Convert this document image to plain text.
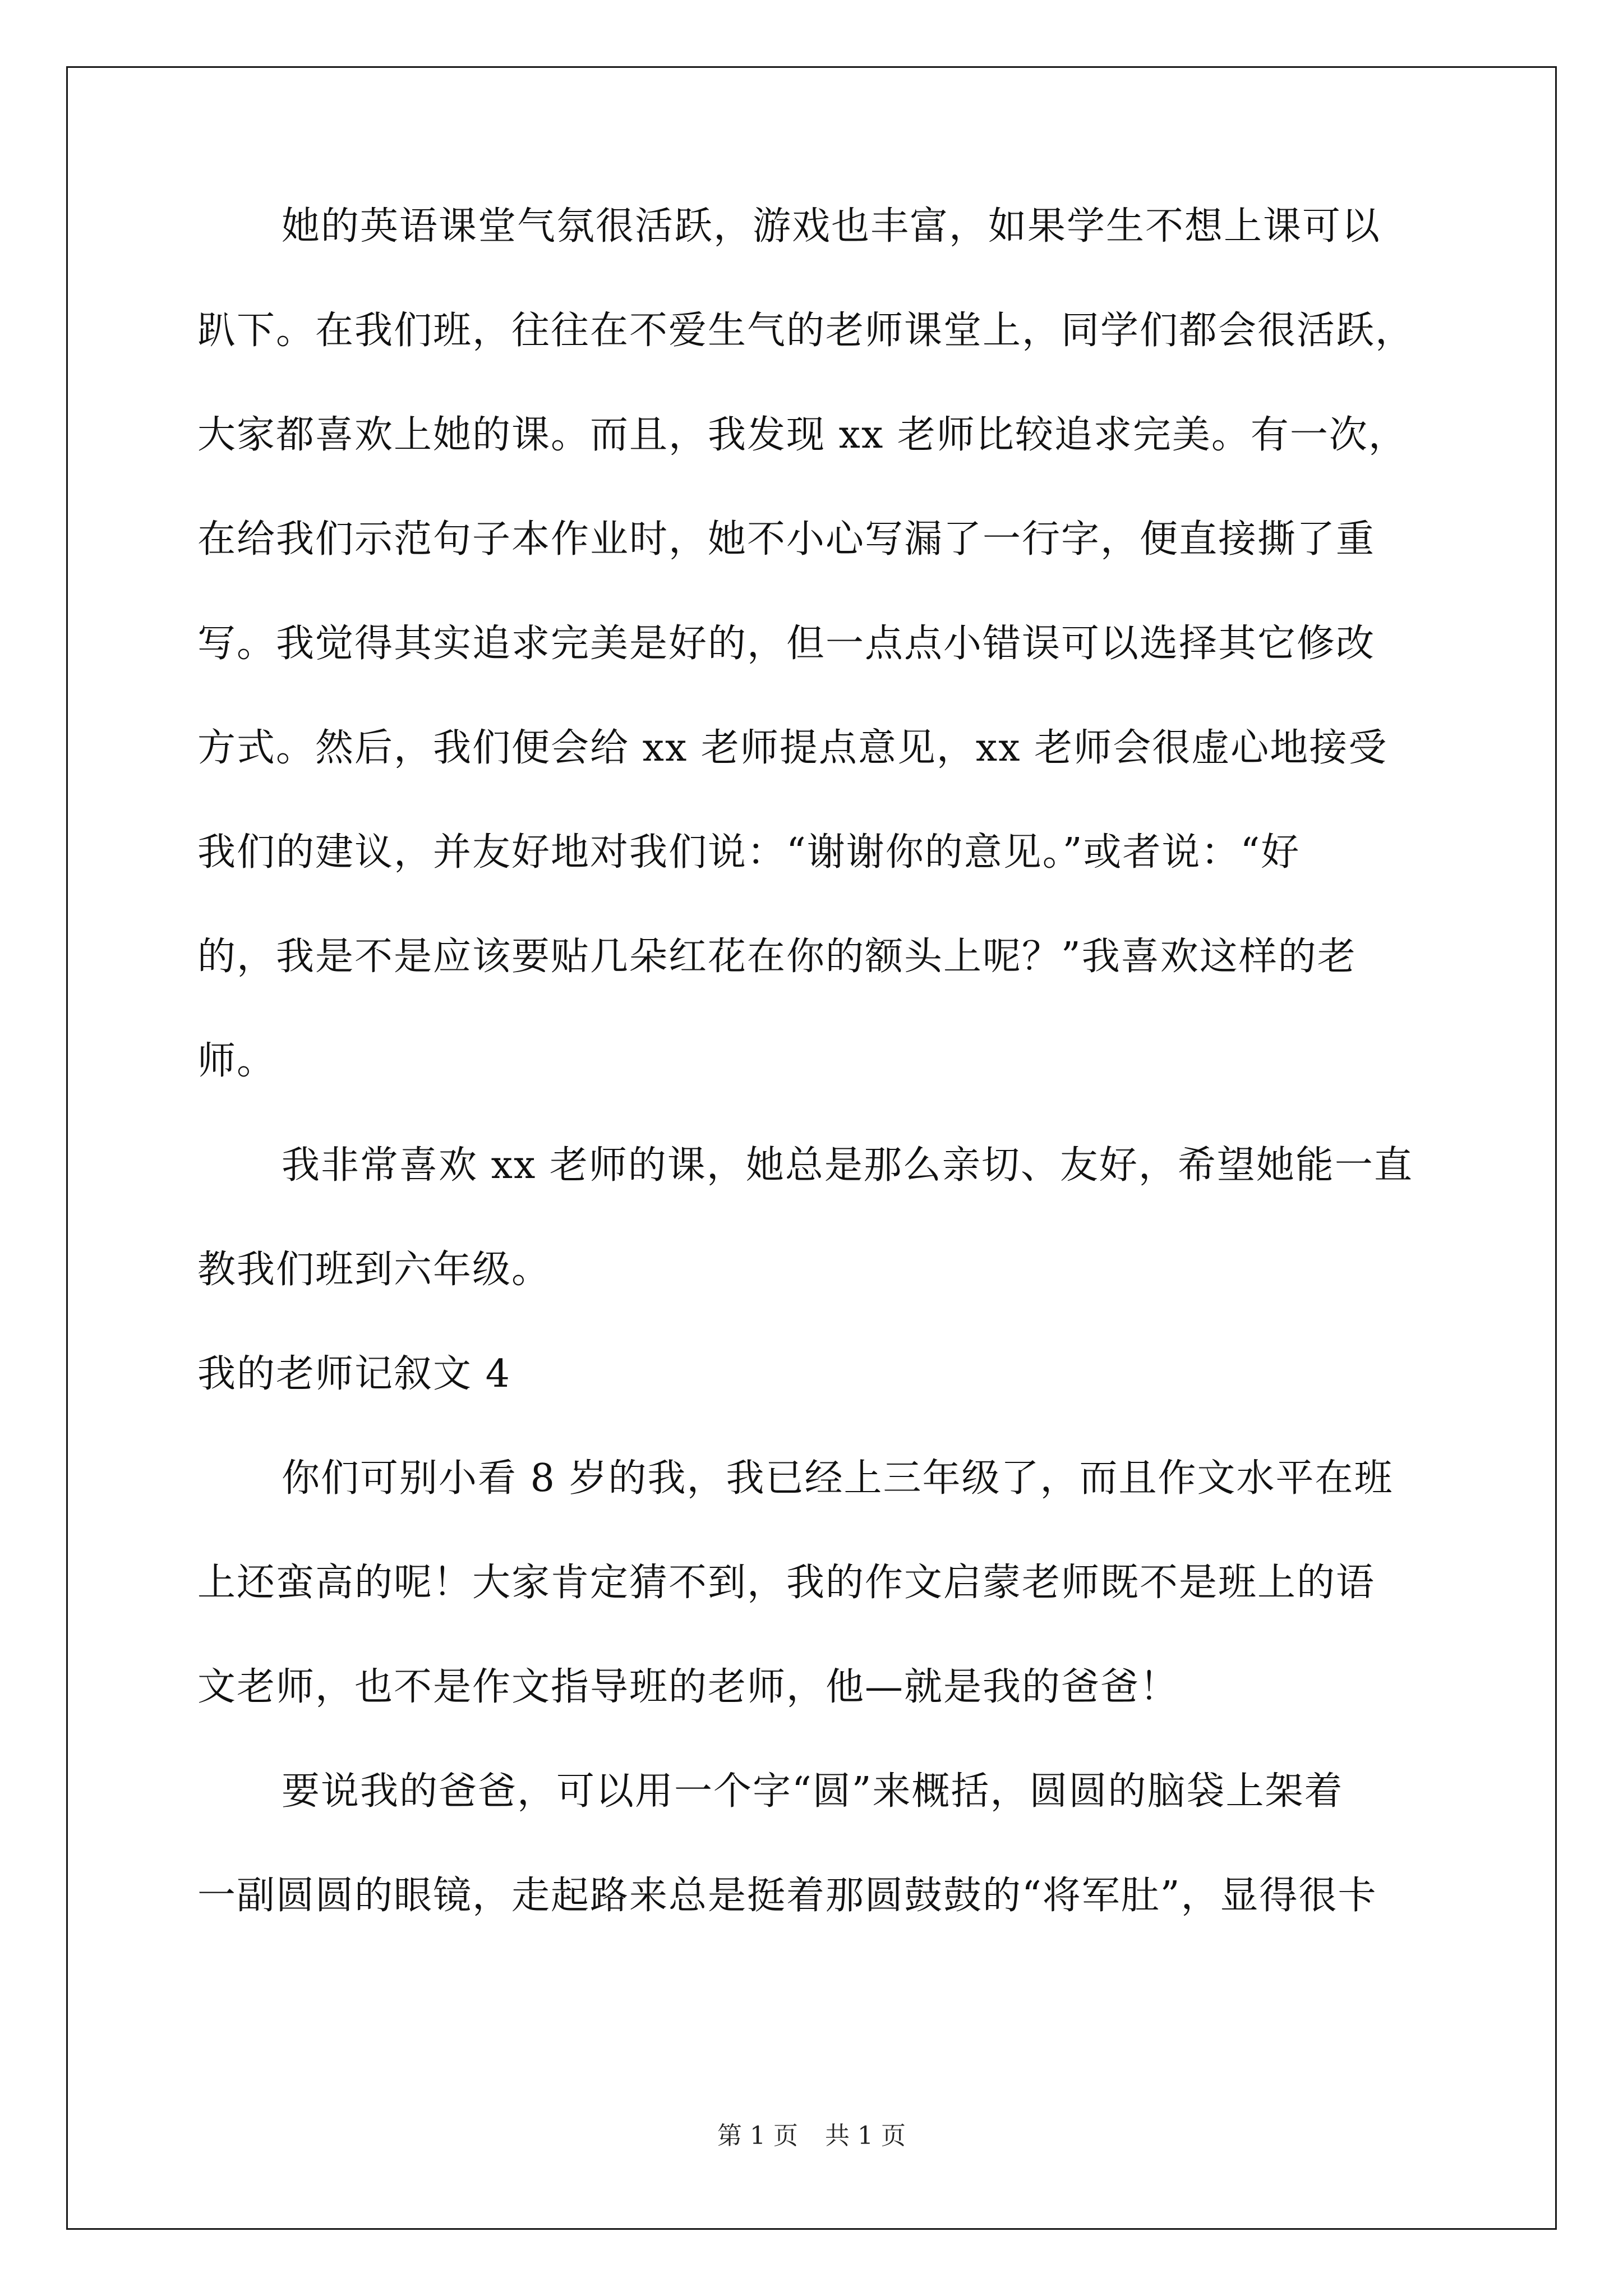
她的英语课堂气氛很活跃，游戏也丰富，如果学生不想上课可以
趴下。在我们班，往往在不爱生气的老师课堂上，同学们都会很活跃，
大家都喜欢上她的课。而且，我发现 xx 老师比较追求完美。有一次，
在给我们示范句子本作业时，她不小心写漏了一行字，便直接撕了重
写。我觉得其实追求完美是好的，但一点点小错误可以选择其它修改
方式。然后，我们便会给 xx 老师提点意见，xx 老师会很虚心地接受
我们的建议，并友好地对我们说：“谢谢你的意见。”或者说：“好
的，我是不是应该要贴几朵红花在你的额头上呢？”我喜欢这样的老
师。
我非常喜欢 xx 老师的课，她总是那么亲切、友好，希望她能一直
教我们班到六年级。
我的老师记叙文 4
你们可别小看 8 岁的我，我已经上三年级了，而且作文水平在班
上还蛮高的呢！大家肯定猜不到，我的作文启蒙老师既不是班上的语
文老师，也不是作文指导班的老师，他—就是我的爸爸！
要说我的爸爸，可以用一个字“圆”来概括，圆圆的脑袋上架着
一副圆圆的眼镜，走起路来总是挺着那圆鼓鼓的“将军肚”，显得很卡
第 1 页 共 1 页
